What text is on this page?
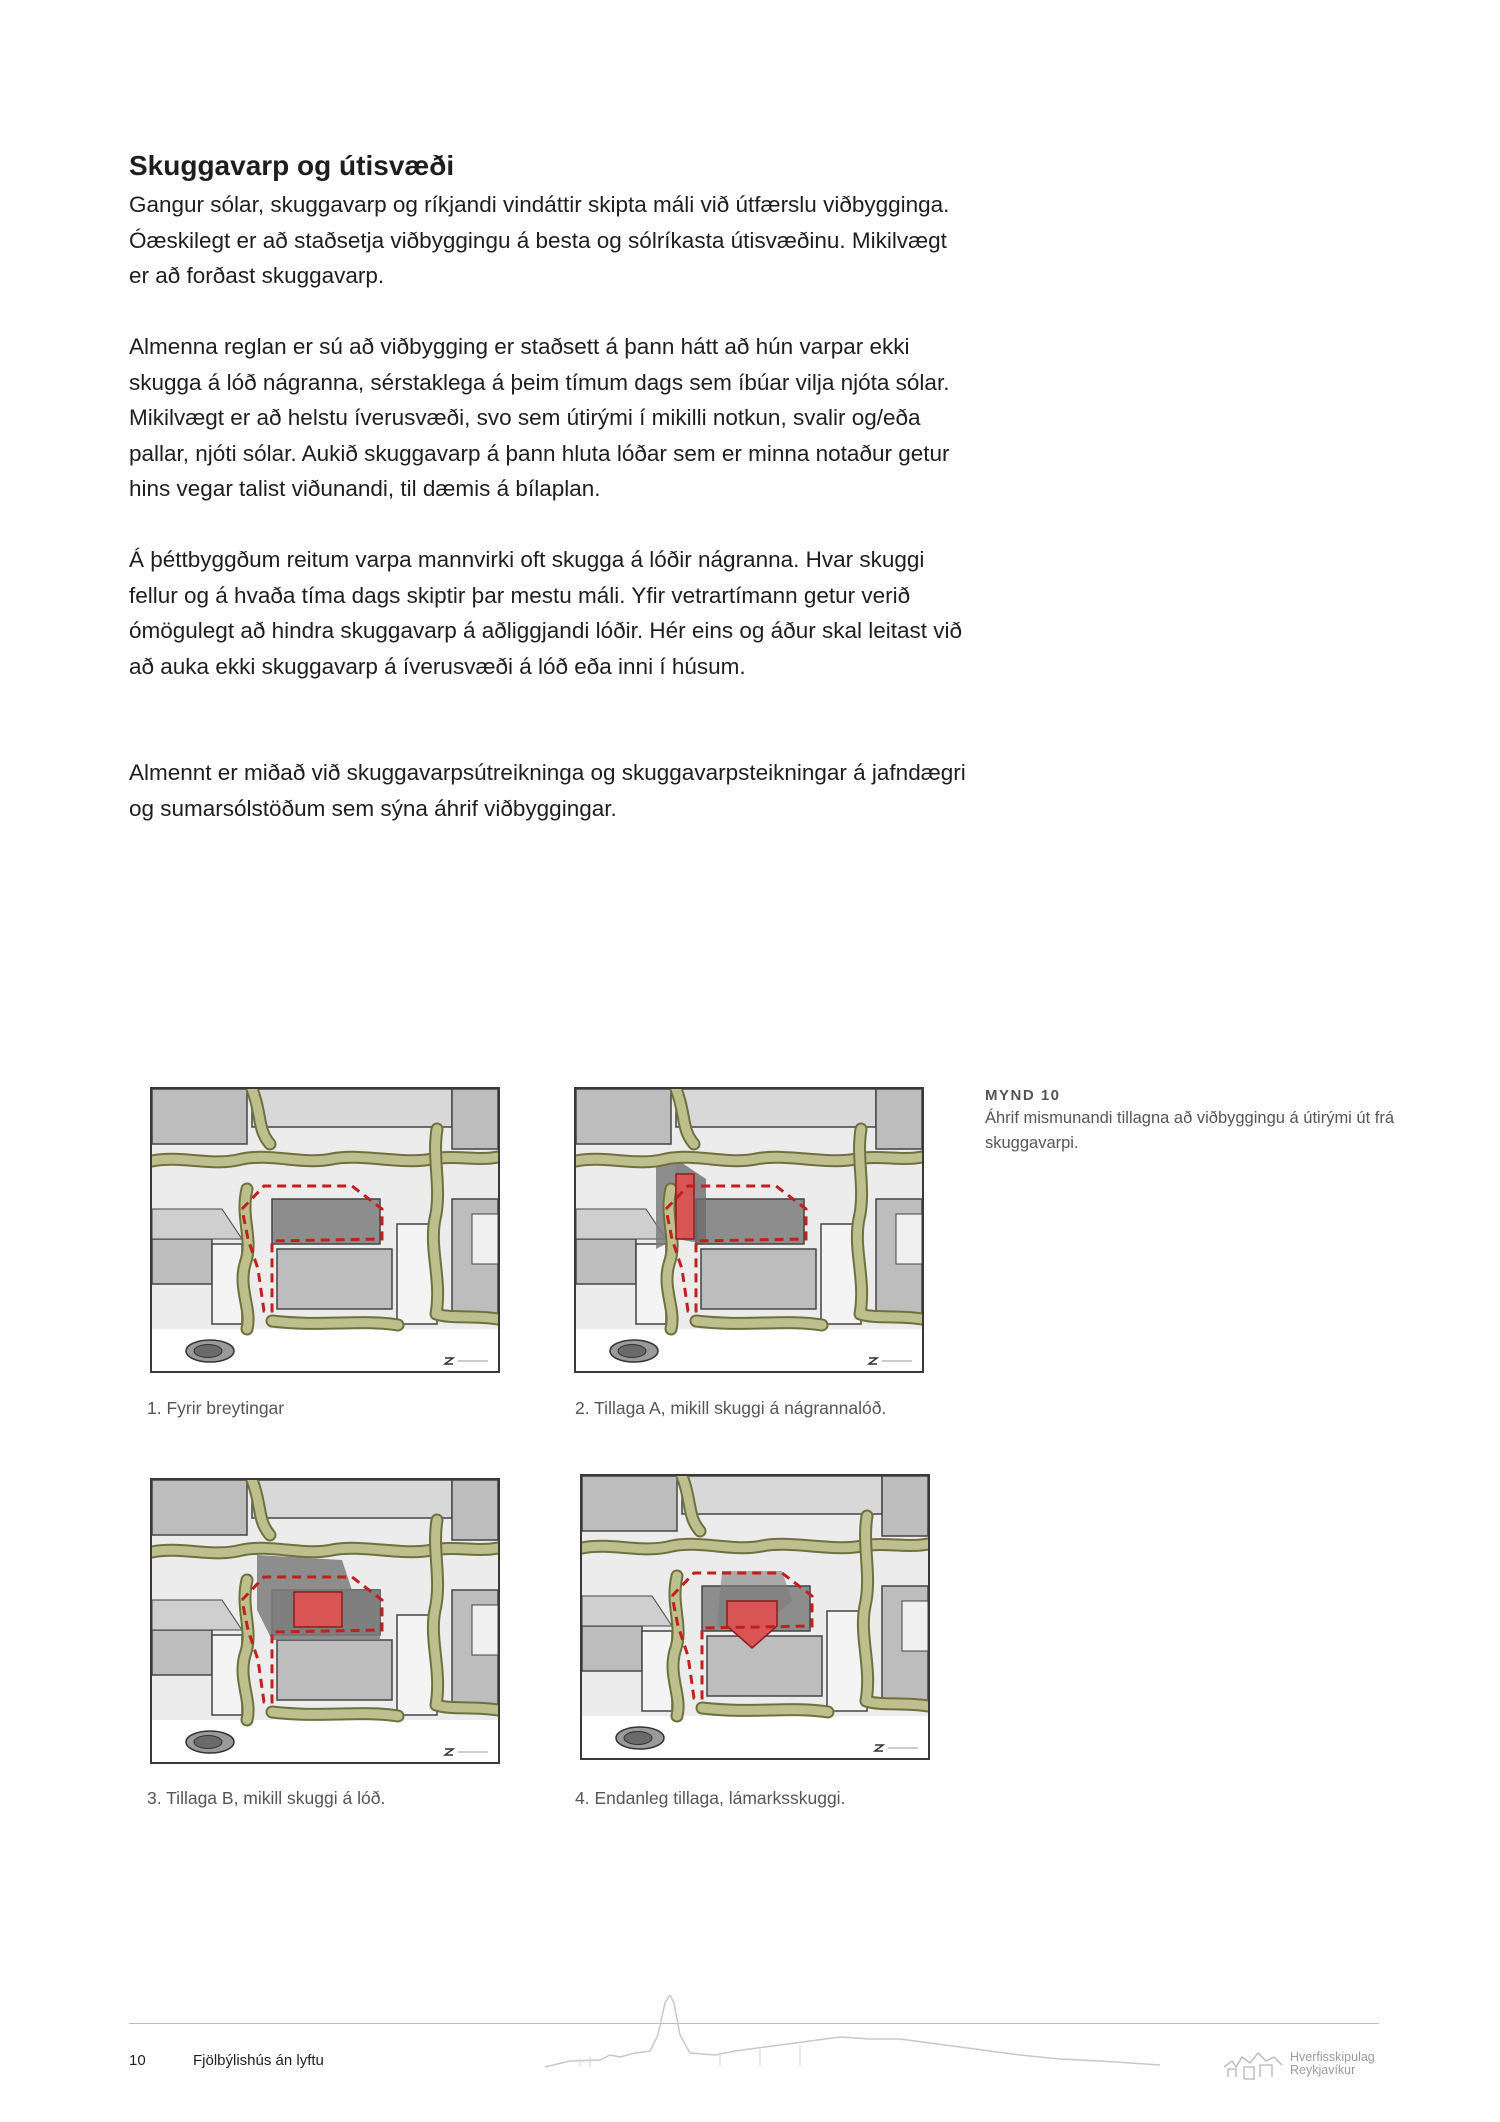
Skuggavarp og útisvæði

Gangur sólar, skuggavarp og ríkjandi vindáttir skipta máli við útfærslu viðbygginga. Óæskilegt er að staðsetja viðbyggingu á besta og sólríkasta útisvæðinu. Mikilvægt er að forðast skuggavarp.

Almenna reglan er sú að viðbygging er staðsett á þann hátt að hún varpar ekki skugga á lóð nágranna, sérstaklega á þeim tímum dags sem íbúar vilja njóta sólar. Mikilvægt er að helstu íverusvæði, svo sem útirými í mikilli notkun, svalir og/eða pallar, njóti sólar. Aukið skuggavarp á þann hluta lóðar sem er minna notaður getur hins vegar talist viðunandi, til dæmis á bílaplan.

Á þéttbyggðum reitum varpa mannvirki oft skugga á lóðir nágranna. Hvar skuggi fellur og á hvaða tíma dags skiptir þar mestu máli. Yfir vetrartímann getur verið ómögulegt að hindra skuggavarp á aðliggjandi lóðir. Hér eins og áður skal leitast við að auka ekki skuggavarp á íverusvæði á lóð eða inni í húsum.

Almennt er miðað við skuggavarpsútreikninga og skuggavarpsteikningar á jafndægri og sumarsólstöðum sem sýna áhrif viðbyggingar.

MYND 10

Áhrif mismunandi tillagna að viðbyggingu á útirými út frá skuggavarpi.

1. Fyrir breytingar	2. Tillaga A, mikill skuggi á nágrannalóð.

3. Tillaga B, mikill skuggi á lóð.	4. Endanleg tillaga, lámarksskuggi.

10	Fjölbýlishús án lyftu	Hverfisskipulag
Reykjavíkur
